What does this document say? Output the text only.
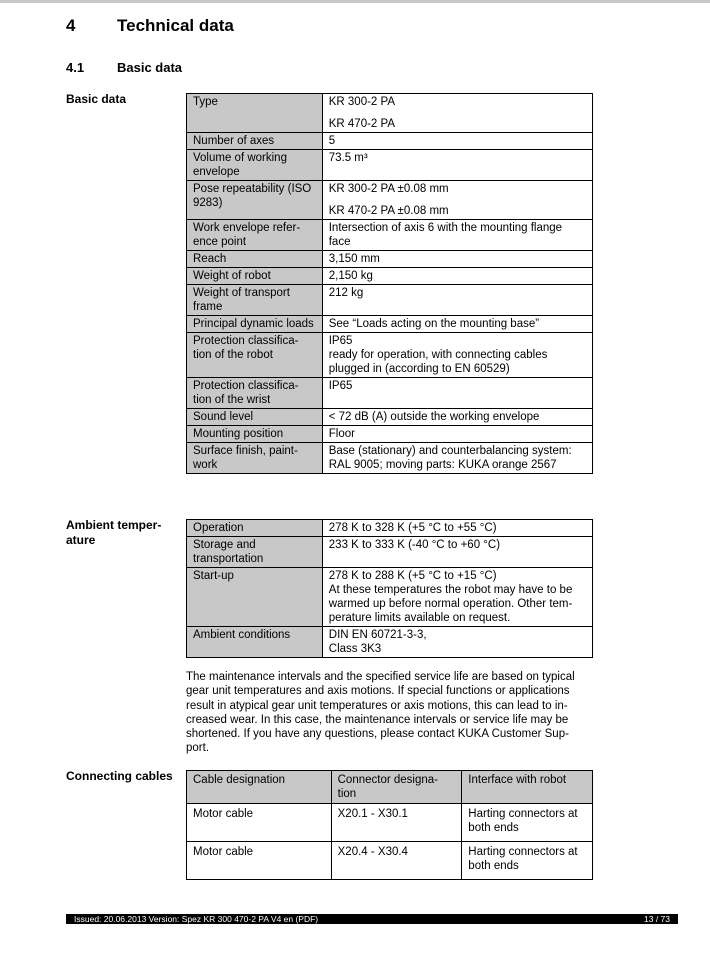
4 Technical data
4.1	Basic data
Basic data	Type	KR 300-2 PA
KR 470-2 PA

Number of axes	5

Volume of working envelope	73.5 m³

Pose repeatability (ISO 9283)	KR 300-2 PA ±0.08 mm
KR 470-2 PA ±0.08 mm

Work envelope refer-ence point	Intersection of axis 6 with the mounting flange face

Reach	3,150 mm

Weight of robot	2,150 kg

Weight of transport frame	212 kg

Principal dynamic loads	See “Loads acting on the mounting base”

Protection classifica-tion of the robot	IP65
ready for operation, with connecting cables plugged in (according to EN 60529)

Protection classifica-tion of the wrist	IP65

Sound level	< 72 dB (A) outside the working envelope

Mounting position	Floor

Surface finish, paint-work	Base (stationary) and counterbalancing system: RAL 9005; moving parts: KUKA orange 2567
Ambient temper-ature
Operation	278 K to 328 K (+5 °C to +55 °C)

Storage and transportation	233 K to 333 K (-40 °C to +60 °C)

Start-up	278 K to 288 K (+5 °C to +15 °C)
At these temperatures the robot may have to be warmed up before normal operation. Other tem-perature limits available on request.

Ambient conditions	DIN EN 60721-3-3,
Class 3K3
The maintenance intervals and the specified service life are based on typical gear unit temperatures and axis motions. If special functions or applications result in atypical gear unit temperatures or axis motions, this can lead to in-creased wear. In this case, the maintenance intervals or service life may be shortened. If you have any questions, please contact KUKA Customer Sup-port.
Connecting cables Cable designation	Connector designa-tion	Interface with robot
Motor cable	X20.1 - X30.1	Harting connectors at both ends
Motor cable	X20.4 - X30.4	Harting connectors at both ends
Issued: 20.06.2013 Version: Spez KR 300 470-2 PA V4 en (PDF)	13 / 73
